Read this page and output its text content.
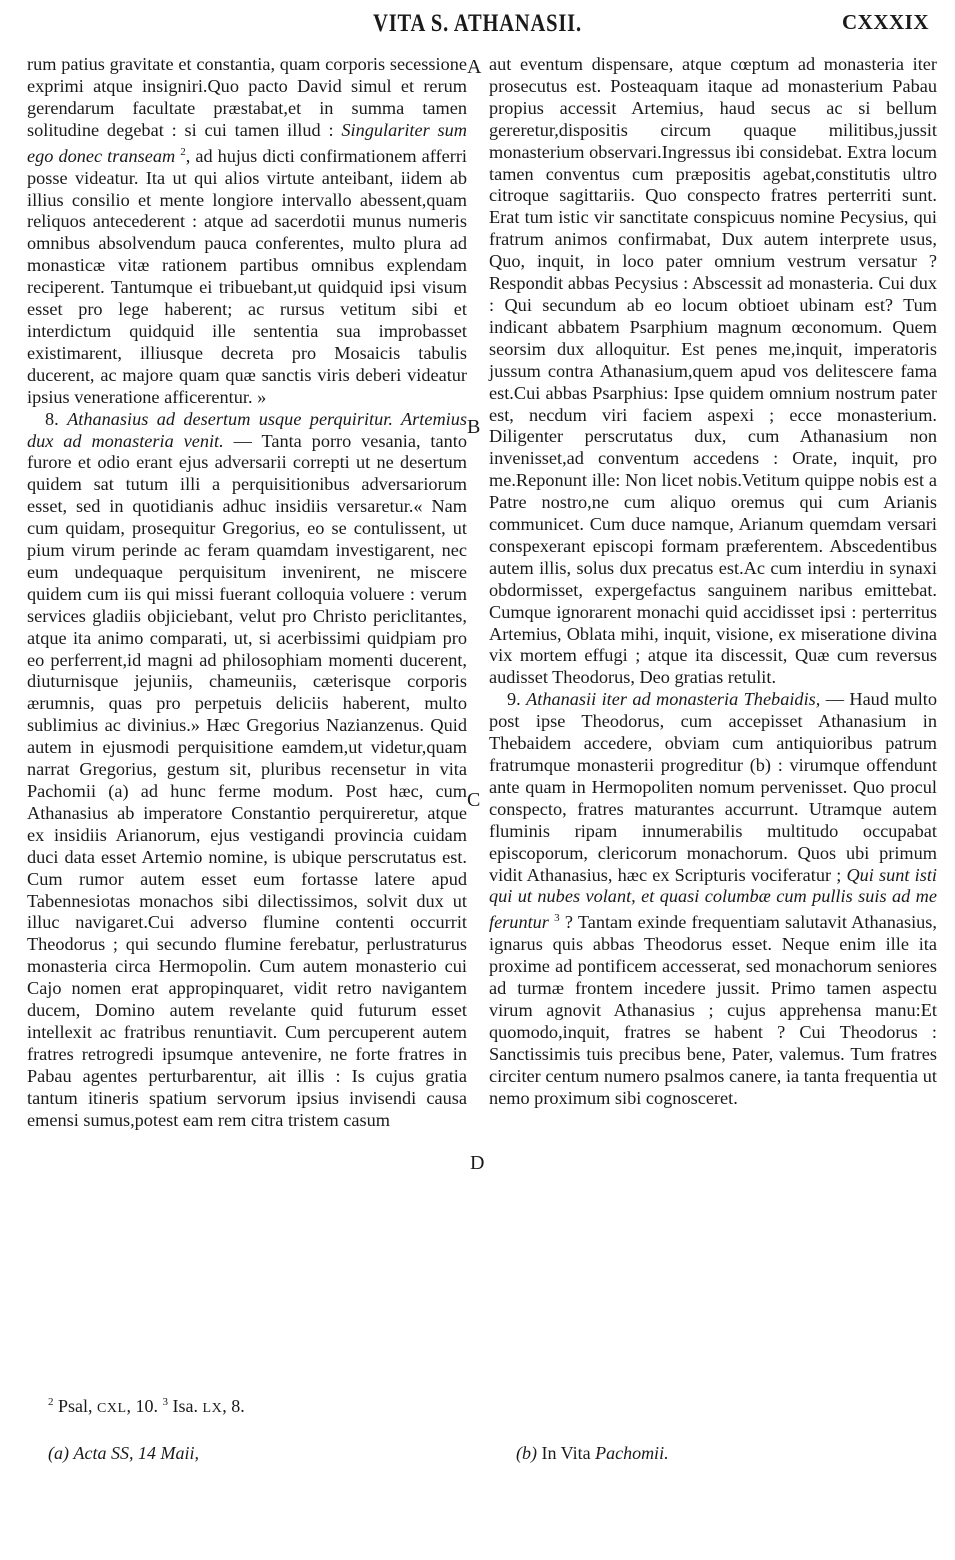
VITA S. ATHANASII.	CXXXIX
A
B
C
D

rum patius gravitate et constantia, quam corporis secessione exprimi atque insigniri.Quo pacto David simul et rerum gerendarum facultate præstabat,et in summa tamen solitudine degebat : si cui tamen illud : Singulariter sum ego donec transeam $^2$, ad hujus dicti confirmationem afferri posse videatur. Ita ut qui alios virtute anteibant, iidem ab illius consilio et mente longiore intervallo abessent,quam reliquos antecederent : atque ad sacerdotii munus numeris omnibus absolvendum pauca conferentes, multo plura ad monasticæ vitæ rationem partibus omnibus explendam reciperent. Tantumque ei tribuebant,ut quidquid ipsi visum esset pro lege haberent; ac rursus vetitum sibi et interdictum quidquid ille sententia sua improbasset existimarent, illiusque decreta pro Mosaicis tabulis ducerent, ac majore quam quæ sanctis viris deberi videatur ipsius veneratione afficerentur. »

8. Athanasius ad desertum usque perquiritur. Artemius dux ad monasteria venit. — Tanta porro vesania, tanto furore et odio erant ejus adversarii correpti ut ne desertum quidem sat tutum illi a perquisitionibus adversariorum esset, sed in quotidianis adhuc insidiis versaretur.« Nam cum quidam, prosequitur Gregorius, eo se contulissent, ut pium virum perinde ac feram quamdam investigarent, nec eum undequaque perquisitum invenirent, ne miscere quidem cum iis qui missi fuerant colloquia voluere : verum services gladiis objiciebant, velut pro Christo periclitantes, atque ita animo comparati, ut, si acerbissimi quidpiam pro eo perferrent,id magni ad philosophiam momenti ducerent, diuturnisque jejuniis, chameuniis, cæterisque corporis ærumnis, quas pro perpetuis deliciis haberent, multo sublimius ac divinius.» Hæc Gregorius Nazianzenus. Quid autem in ejusmodi perquisitione eamdem,ut videtur,quam narrat Gregorius, gestum sit, pluribus recensetur in vita Pachomii (a) ad hunc ferme modum. Post hæc, cum Athanasius ab imperatore Constantio perquireretur, atque ex insidiis Arianorum, ejus vestigandi provincia cuidam duci data esset Artemio nomine, is ubique perscrutatus est. Cum rumor autem esset eum fortasse latere apud Tabennesiotas monachos sibi dilectissimos, solvit dux ut illuc navigaret.Cui adverso flumine contenti occurrit Theodorus ; qui secundo flumine ferebatur, perlustraturus monasteria circa Hermopolin. Cum autem monasterio cui Cajo nomen erat appropinquaret, vidit retro navigantem ducem, Domino autem revelante quid futurum esset intellexit ac fratribus renuntiavit. Cum percuperent autem fratres retrogredi ipsumque antevenire, ne forte fratres in Pabau agentes perturbarentur, ait illis : Is cujus gratia tantum itineris spatium servorum ipsius invisendi causa emensi sumus,potest eam rem citra tristem casum

aut eventum dispensare, atque cœptum ad monasteria iter prosecutus est. Posteaquam itaque ad monasterium Pabau propius accessit Artemius, haud secus ac si bellum gereretur,dispositis circum quaque militibus,jussit monasterium observari.Ingressus ibi considebat. Extra locum tamen conventus cum præpositis agebat,constitutis ultro citroque sagittariis. Quo conspecto fratres perterriti sunt. Erat tum istic vir sanctitate conspicuus nomine Pecysius, qui fratrum animos confirmabat, Dux autem interprete usus, Quo, inquit, in loco pater omnium vestrum versatur ? Respondit abbas Pecysius : Abscessit ad monasteria. Cui dux : Qui secundum ab eo locum obtioet ubinam est? Tum indicant abbatem Psarphium magnum œconomum. Quem seorsim dux alloquitur. Est penes me,inquit, imperatoris jussum contra Athanasium,quem apud vos delitescere fama est.Cui abbas Psarphius: Ipse quidem omnium nostrum pater est, necdum viri faciem aspexi ; ecce monasterium. Diligenter perscrutatus dux, cum Athanasium non invenisset,ad conventum accedens : Orate, inquit, pro me.Reponunt ille: Non licet nobis.Vetitum quippe nobis est a Patre nostro,ne cum aliquo oremus qui cum Arianis communicet. Cum duce namque, Arianum quemdam versari conspexerant episcopi formam præferentem. Abscedentibus autem illis, solus dux precatus est.Ac cum interdiu in synaxi obdormisset, expergefactus sanguinem naribus emittebat. Cumque ignorarent monachi quid accidisset ipsi : perterritus Artemius, Oblata mihi, inquit, visione, ex miseratione divina vix mortem effugi ; atque ita discessit, Quæ cum reversus audisset Theodorus, Deo gratias retulit.

9. Athanasii iter ad monasteria Thebaidis, — Haud multo post ipse Theodorus, cum accepisset Athanasium in Thebaidem accedere, obviam cum antiquioribus patrum fratrumque monasterii progreditur (b) : virumque offendunt ante quam in Hermopoliten nomum pervenisset. Quo procul conspecto, fratres maturantes accurrunt. Utramque autem fluminis ripam innumerabilis multitudo occupabat episcoporum, clericorum monachorum. Quos ubi primum vidit Athanasius, hæc ex Scripturis vociferatur ; Qui sunt isti qui ut nubes volant, et quasi columbæ cum pullis suis ad me feruntur $^3$ ? Tantam exinde frequentiam salutavit Athanasius, ignarus quis abbas Theodorus esset. Neque enim ille ita proxime ad pontificem accesserat, sed monachorum seniores ad turmæ frontem incedere jussit. Primo tamen aspectu virum agnovit Athanasius ; cujus apprehensa manu:Et quomodo,inquit, fratres se habent ? Cui Theodorus : Sanctissimis tuis precibus bene, Pater, valemus. Tum fratres circiter centum numero psalmos canere, ia tanta frequentia ut nemo proximum sibi cognosceret.

$^2$ Psal, CXL, 10. $^3$ Isa. LX, 8.
(a) Acta SS, 14 Maii,	(b) In Vita Pachomii.
